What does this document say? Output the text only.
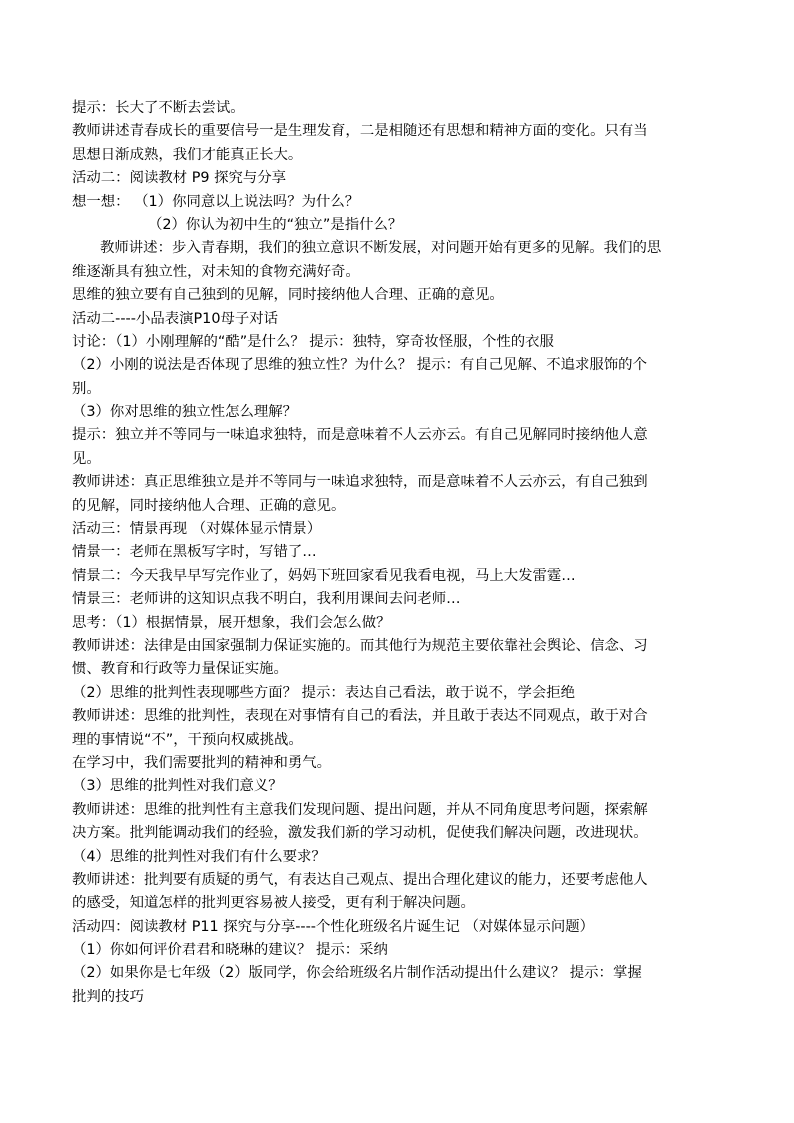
提示：长大了不断去尝试。
教师讲述青春成长的重要信号一是生理发育，二是相随还有思想和精神方面的变化。只有当
思想日渐成熟，我们才能真正长大。
活动二：阅读教材 P9 探究与分享
想一想： （1）你同意以上说法吗？为什么？
（2）你认为初中生的“独立”是指什么？
教师讲述：步入青春期，我们的独立意识不断发展，对问题开始有更多的见解。我们的思
维逐渐具有独立性，对未知的食物充满好奇。
思维的独立要有自己独到的见解，同时接纳他人合理、正确的意见。
活动二----小品表演P10母子对话
讨论：（1）小刚理解的“酷”是什么？ 提示：独特，穿奇妆怪服，个性的衣服
（2）小刚的说法是否体现了思维的独立性？为什么？ 提示：有自己见解、不追求服饰的个
别。
（3）你对思维的独立性怎么理解？
提示：独立并不等同与一味追求独特，而是意味着不人云亦云。有自己见解同时接纳他人意
见。
教师讲述：真正思维独立是并不等同与一味追求独特，而是意味着不人云亦云，有自己独到
的见解，同时接纳他人合理、正确的意见。
活动三：情景再现 （对媒体显示情景）
情景一：老师在黑板写字时，写错了…
情景二：今天我早早写完作业了，妈妈下班回家看见我看电视，马上大发雷霆…
情景三：老师讲的这知识点我不明白，我利用课间去问老师…
思考：（1）根据情景，展开想象，我们会怎么做？
教师讲述：法律是由国家强制力保证实施的。而其他行为规范主要依靠社会舆论、信念、习
惯、教育和行政等力量保证实施。
（2）思维的批判性表现哪些方面？ 提示：表达自己看法，敢于说不，学会拒绝
教师讲述：思维的批判性，表现在对事情有自己的看法，并且敢于表达不同观点，敢于对合
理的事情说“不”，干预向权威挑战。
在学习中，我们需要批判的精神和勇气。
（3）思维的批判性对我们意义？
教师讲述：思维的批判性有主意我们发现问题、提出问题，并从不同角度思考问题，探索解
决方案。批判能调动我们的经验，激发我们新的学习动机，促使我们解决问题，改进现状。
（4）思维的批判性对我们有什么要求？
教师讲述：批判要有质疑的勇气，有表达自己观点、提出合理化建议的能力，还要考虑他人
的感受，知道怎样的批判更容易被人接受，更有利于解决问题。
活动四：阅读教材 P11 探究与分享----个性化班级名片诞生记 （对媒体显示问题）
（1）你如何评价君君和晓琳的建议？ 提示：采纳
（2）如果你是七年级（2）版同学，你会给班级名片制作活动提出什么建议？ 提示：掌握
批判的技巧
